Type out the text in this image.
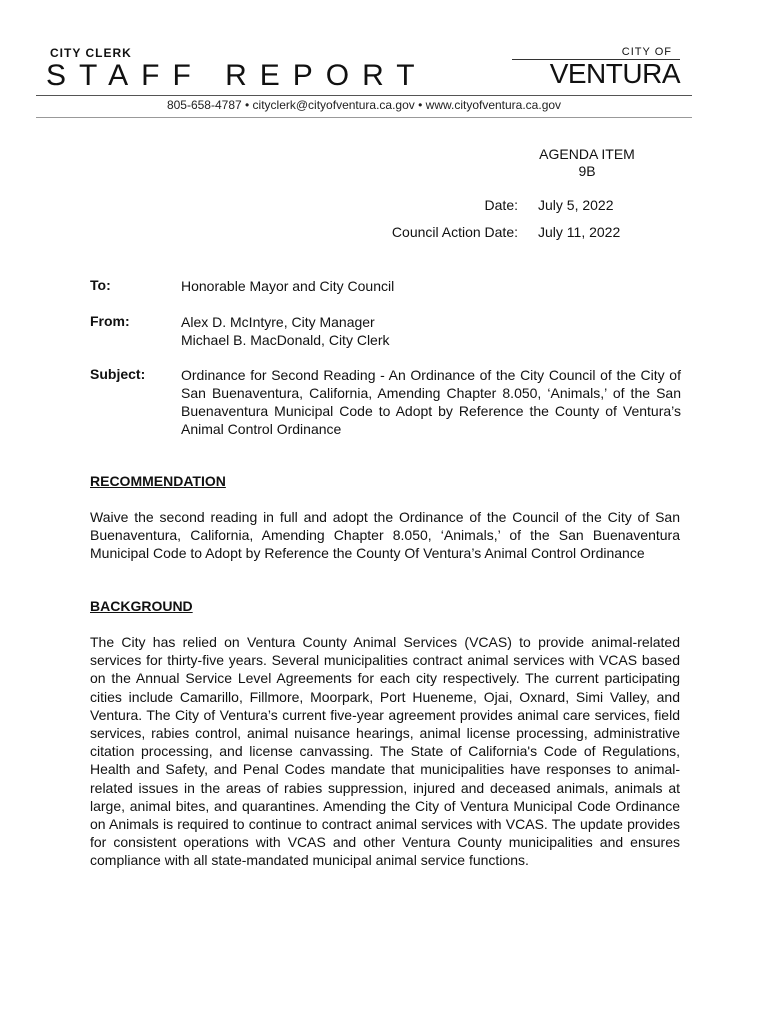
CITY CLERK
STAFF REPORT
CITY OF
VENTURA
805-658-4787 • cityclerk@cityofventura.ca.gov • www.cityofventura.ca.gov
AGENDA ITEM
9B
Date: July 5, 2022
Council Action Date: July 11, 2022
To:	Honorable Mayor and City Council
From:	Alex D. McIntyre, City Manager
Michael B. MacDonald, City Clerk
Subject:	Ordinance for Second Reading - An Ordinance of the City Council of the City of San Buenaventura, California, Amending Chapter 8.050, ‘Animals,’ of the San Buenaventura Municipal Code to Adopt by Reference the County of Ventura’s Animal Control Ordinance
RECOMMENDATION
Waive the second reading in full and adopt the Ordinance of the Council of the City of San Buenaventura, California, Amending Chapter 8.050, ‘Animals,’ of the San Buenaventura Municipal Code to Adopt by Reference the County Of Ventura’s Animal Control Ordinance
BACKGROUND
The City has relied on Ventura County Animal Services (VCAS) to provide animal-related services for thirty-five years. Several municipalities contract animal services with VCAS based on the Annual Service Level Agreements for each city respectively. The current participating cities include Camarillo, Fillmore, Moorpark, Port Hueneme, Ojai, Oxnard, Simi Valley, and Ventura. The City of Ventura’s current five-year agreement provides animal care services, field services, rabies control, animal nuisance hearings, animal license processing, administrative citation processing, and license canvassing. The State of California's Code of Regulations, Health and Safety, and Penal Codes mandate that municipalities have responses to animal-related issues in the areas of rabies suppression, injured and deceased animals, animals at large, animal bites, and quarantines. Amending the City of Ventura Municipal Code Ordinance on Animals is required to continue to contract animal services with VCAS. The update provides for consistent operations with VCAS and other Ventura County municipalities and ensures compliance with all state-mandated municipal animal service functions.
